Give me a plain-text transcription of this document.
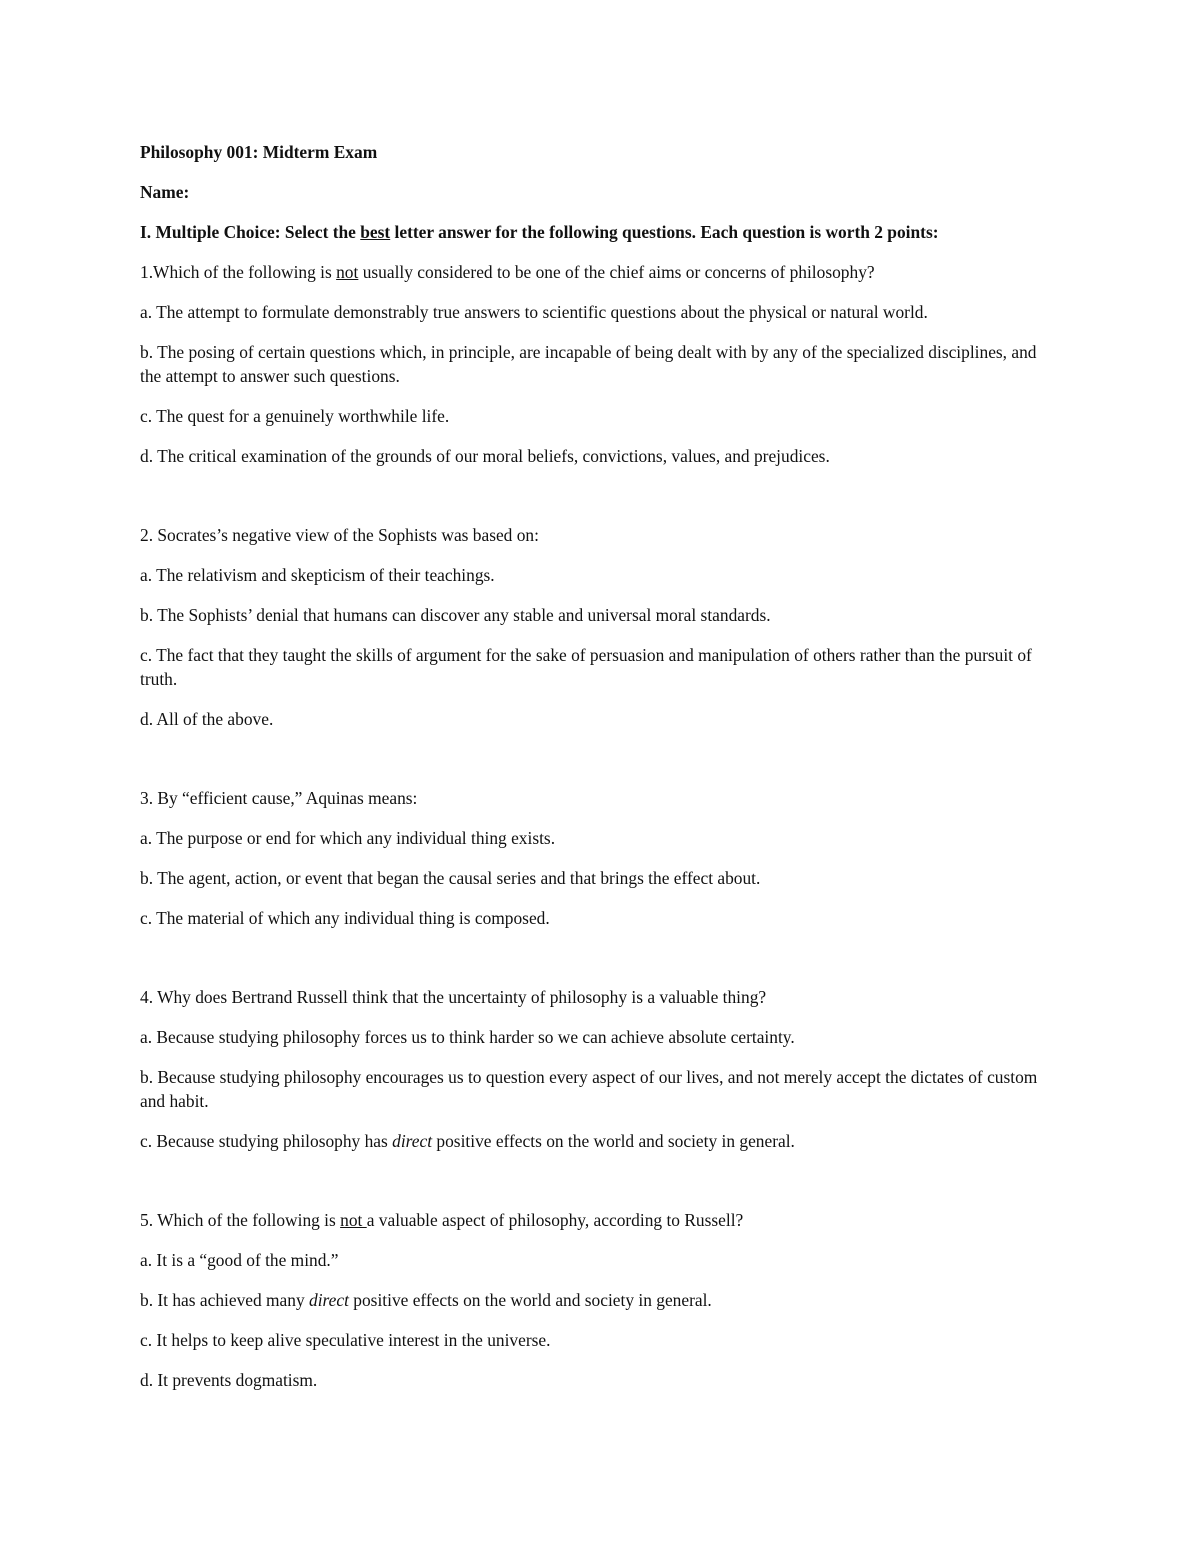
Philosophy 001: Midterm Exam
Name:
I. Multiple Choice: Select the best letter answer for the following questions. Each question is worth 2 points:
1.Which of the following is not usually considered to be one of the chief aims or concerns of philosophy?
a. The attempt to formulate demonstrably true answers to scientific questions about the physical or natural world.
b. The posing of certain questions which, in principle, are incapable of being dealt with by any of the specialized disciplines, and the attempt to answer such questions.
c. The quest for a genuinely worthwhile life.
d. The critical examination of the grounds of our moral beliefs, convictions, values, and prejudices.
2. Socrates’s negative view of the Sophists was based on:
a. The relativism and skepticism of their teachings.
b. The Sophists’ denial that humans can discover any stable and universal moral standards.
c. The fact that they taught the skills of argument for the sake of persuasion and manipulation of others rather than the pursuit of truth.
d. All of the above.
3. By “efficient cause,” Aquinas means:
a. The purpose or end for which any individual thing exists.
b. The agent, action, or event that began the causal series and that brings the effect about.
c. The material of which any individual thing is composed.
4. Why does Bertrand Russell think that the uncertainty of philosophy is a valuable thing?
a. Because studying philosophy forces us to think harder so we can achieve absolute certainty.
b. Because studying philosophy encourages us to question every aspect of our lives, and not merely accept the dictates of custom and habit.
c. Because studying philosophy has direct positive effects on the world and society in general.
5. Which of the following is not a valuable aspect of philosophy, according to Russell?
a. It is a “good of the mind.”
b. It has achieved many direct positive effects on the world and society in general.
c. It helps to keep alive speculative interest in the universe.
d. It prevents dogmatism.
